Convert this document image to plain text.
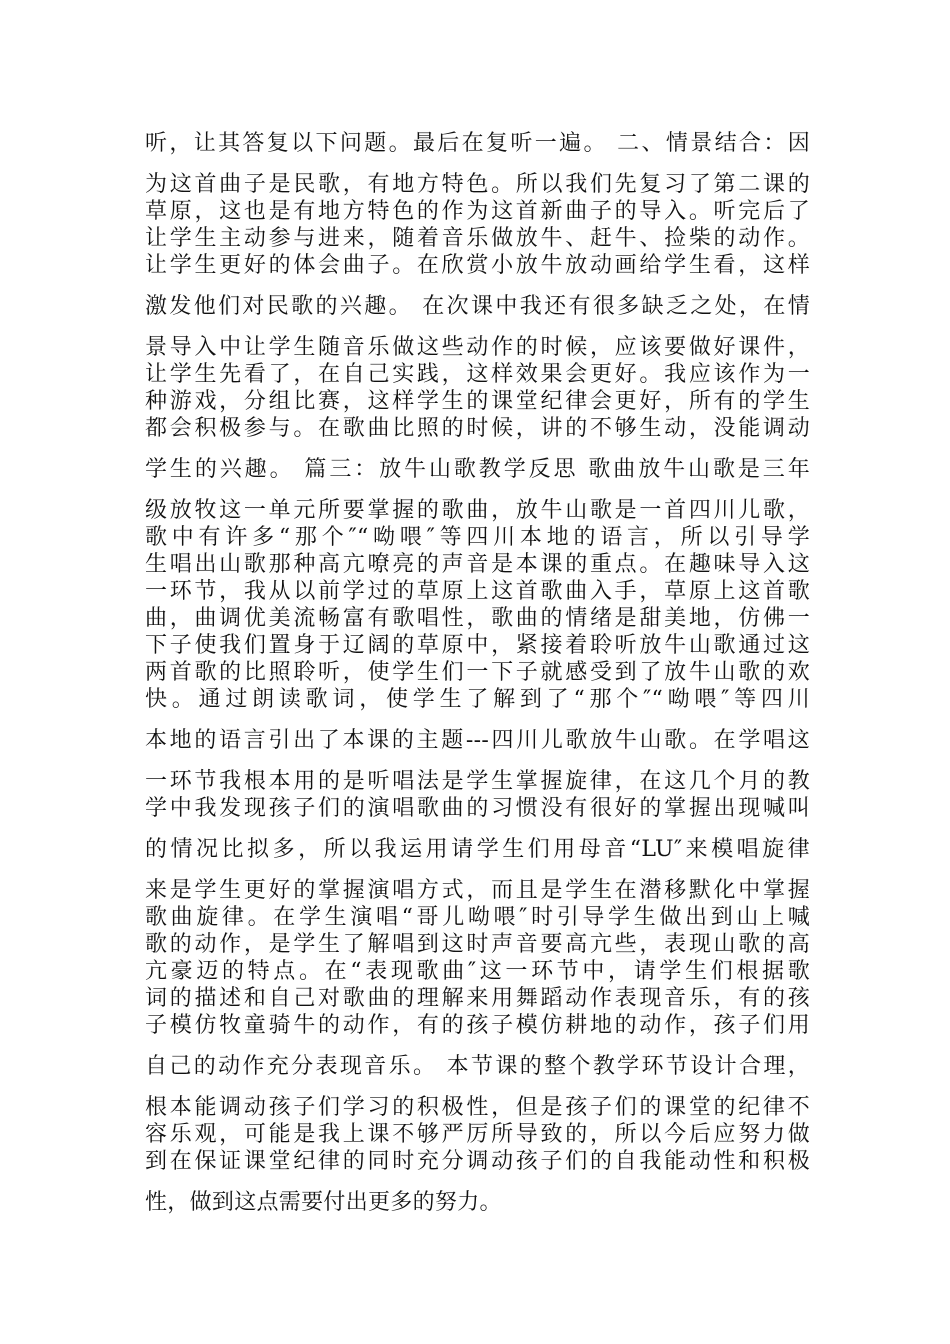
听，让其答复以下问题。最后在复听一遍。 二、情景结合：因
为这首曲子是民歌，有地方特色。所以我们先复习了第二课的
草原，这也是有地方特色的作为这首新曲子的导入。听完后了
让学生主动参与进来，随着音乐做放牛、赶牛、捡柴的动作。
让学生更好的体会曲子。在欣赏小放牛放动画给学生看，这样
激发他们对民歌的兴趣。 在次课中我还有很多缺乏之处，在情
景导入中让学生随音乐做这些动作的时候，应该要做好课件，
让学生先看了，在自己实践，这样效果会更好。我应该作为一
种游戏，分组比赛，这样学生的课堂纪律会更好，所有的学生
都会积极参与。在歌曲比照的时候，讲的不够生动，没能调动
学生的兴趣。 篇三：放牛山歌教学反思 歌曲放牛山歌是三年
级放牧这一单元所要掌握的歌曲，放牛山歌是一首四川儿歌，
歌中有许多“那个″“呦喂″等四川本地的语言，所以引导学
生唱出山歌那种高亢嘹亮的声音是本课的重点。在趣味导入这
一环节，我从以前学过的草原上这首歌曲入手，草原上这首歌
曲，曲调优美流畅富有歌唱性，歌曲的情绪是甜美地，仿佛一
下子使我们置身于辽阔的草原中，紧接着聆听放牛山歌通过这
两首歌的比照聆听，使学生们一下子就感受到了放牛山歌的欢
快。通过朗读歌词，使学生了解到了“那个″“呦喂″等四川
本地的语言引出了本课的主题---四川儿歌放牛山歌。在学唱这
一环节我根本用的是听唱法是学生掌握旋律，在这几个月的教
学中我发现孩子们的演唱歌曲的习惯没有很好的掌握出现喊叫
的情况比拟多，所以我运用请学生们用母音“LU″来模唱旋律
来是学生更好的掌握演唱方式，而且是学生在潜移默化中掌握
歌曲旋律。在学生演唱“哥儿呦喂″时引导学生做出到山上喊
歌的动作，是学生了解唱到这时声音要高亢些，表现山歌的高
亢豪迈的特点。在“表现歌曲″这一环节中，请学生们根据歌
词的描述和自己对歌曲的理解来用舞蹈动作表现音乐，有的孩
子模仿牧童骑牛的动作，有的孩子模仿耕地的动作，孩子们用
自己的动作充分表现音乐。 本节课的整个教学环节设计合理，
根本能调动孩子们学习的积极性，但是孩子们的课堂的纪律不
容乐观，可能是我上课不够严厉所导致的，所以今后应努力做
到在保证课堂纪律的同时充分调动孩子们的自我能动性和积极
性，做到这点需要付出更多的努力。
